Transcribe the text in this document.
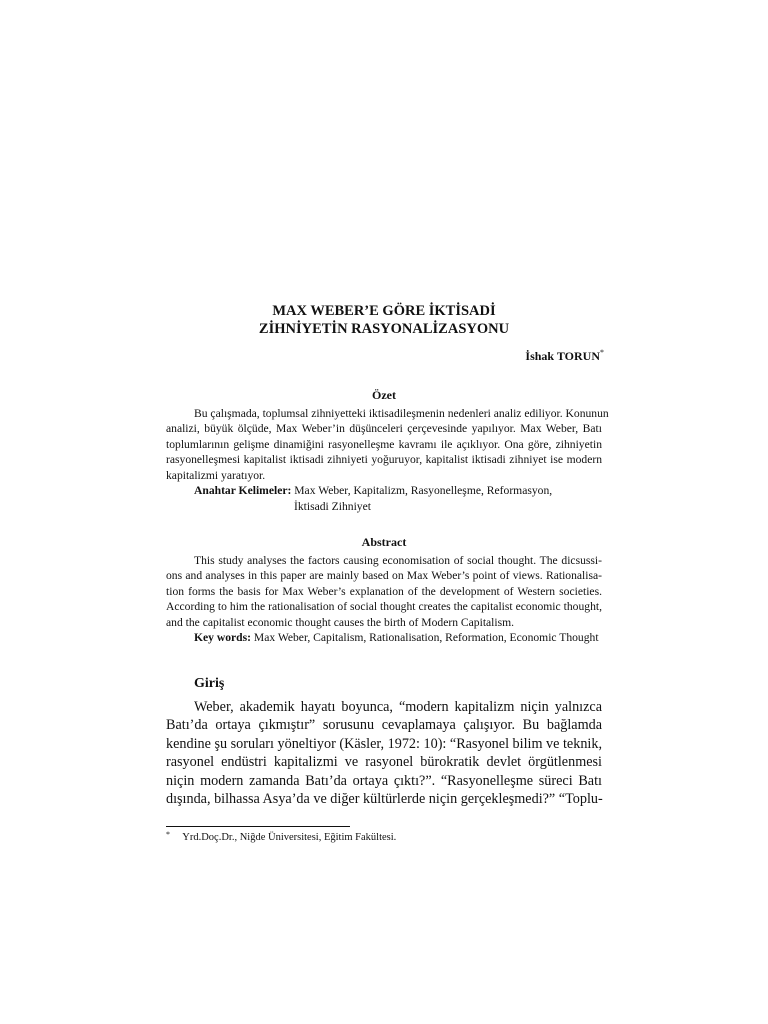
MAX WEBER’E GÖRE İKTİSADİ
ZİHNİYETİN RASYONALİZASYONU
İshak TORUN*
Özet
Bu çalışmada, toplumsal zihniyetteki iktisadileşmenin nedenleri analiz ediliyor. Konunun
analizi, büyük ölçüde, Max Weber’in düşünceleri çerçevesinde yapılıyor. Max Weber, Batı
toplumlarının gelişme dinamiğini rasyonelleşme kavramı ile açıklıyor. Ona göre, zihniyetin
rasyonelleşmesi kapitalist iktisadi zihniyeti yoğuruyor, kapitalist iktisadi zihniyet ise modern
kapitalizmi yaratıyor.
Anahtar Kelimeler: Max Weber, Kapitalizm, Rasyonelleşme, Reformasyon,
İktisadi Zihniyet
Abstract
This study analyses the factors causing economisation of social thought. The dicsussi-
ons and analyses in this paper are mainly based on Max Weber’s point of views. Rationalisa-
tion forms the basis for Max Weber’s explanation of the development of Western societies.
According to him the rationalisation of social thought creates the capitalist economic thought,
and the capitalist economic thought causes the birth of Modern Capitalism.
Key words: Max Weber, Capitalism, Rationalisation, Reformation, Economic Thought
Giriş
Weber, akademik hayatı boyunca, “modern kapitalizm niçin yalnızca
Batı’da ortaya çıkmıştır” sorusunu cevaplamaya çalışıyor. Bu bağlamda
kendine şu soruları yöneltiyor (Käsler, 1972: 10): “Rasyonel bilim ve teknik,
rasyonel endüstri kapitalizmi ve rasyonel bürokratik devlet örgütlenmesi
niçin modern zamanda Batı’da ortaya çıktı?”. “Rasyonelleşme süreci Batı
dışında, bilhassa Asya’da ve diğer kültürlerde niçin gerçekleşmedi?” “Toplu-
* Yrd.Doç.Dr., Niğde Üniversitesi, Eğitim Fakültesi.
